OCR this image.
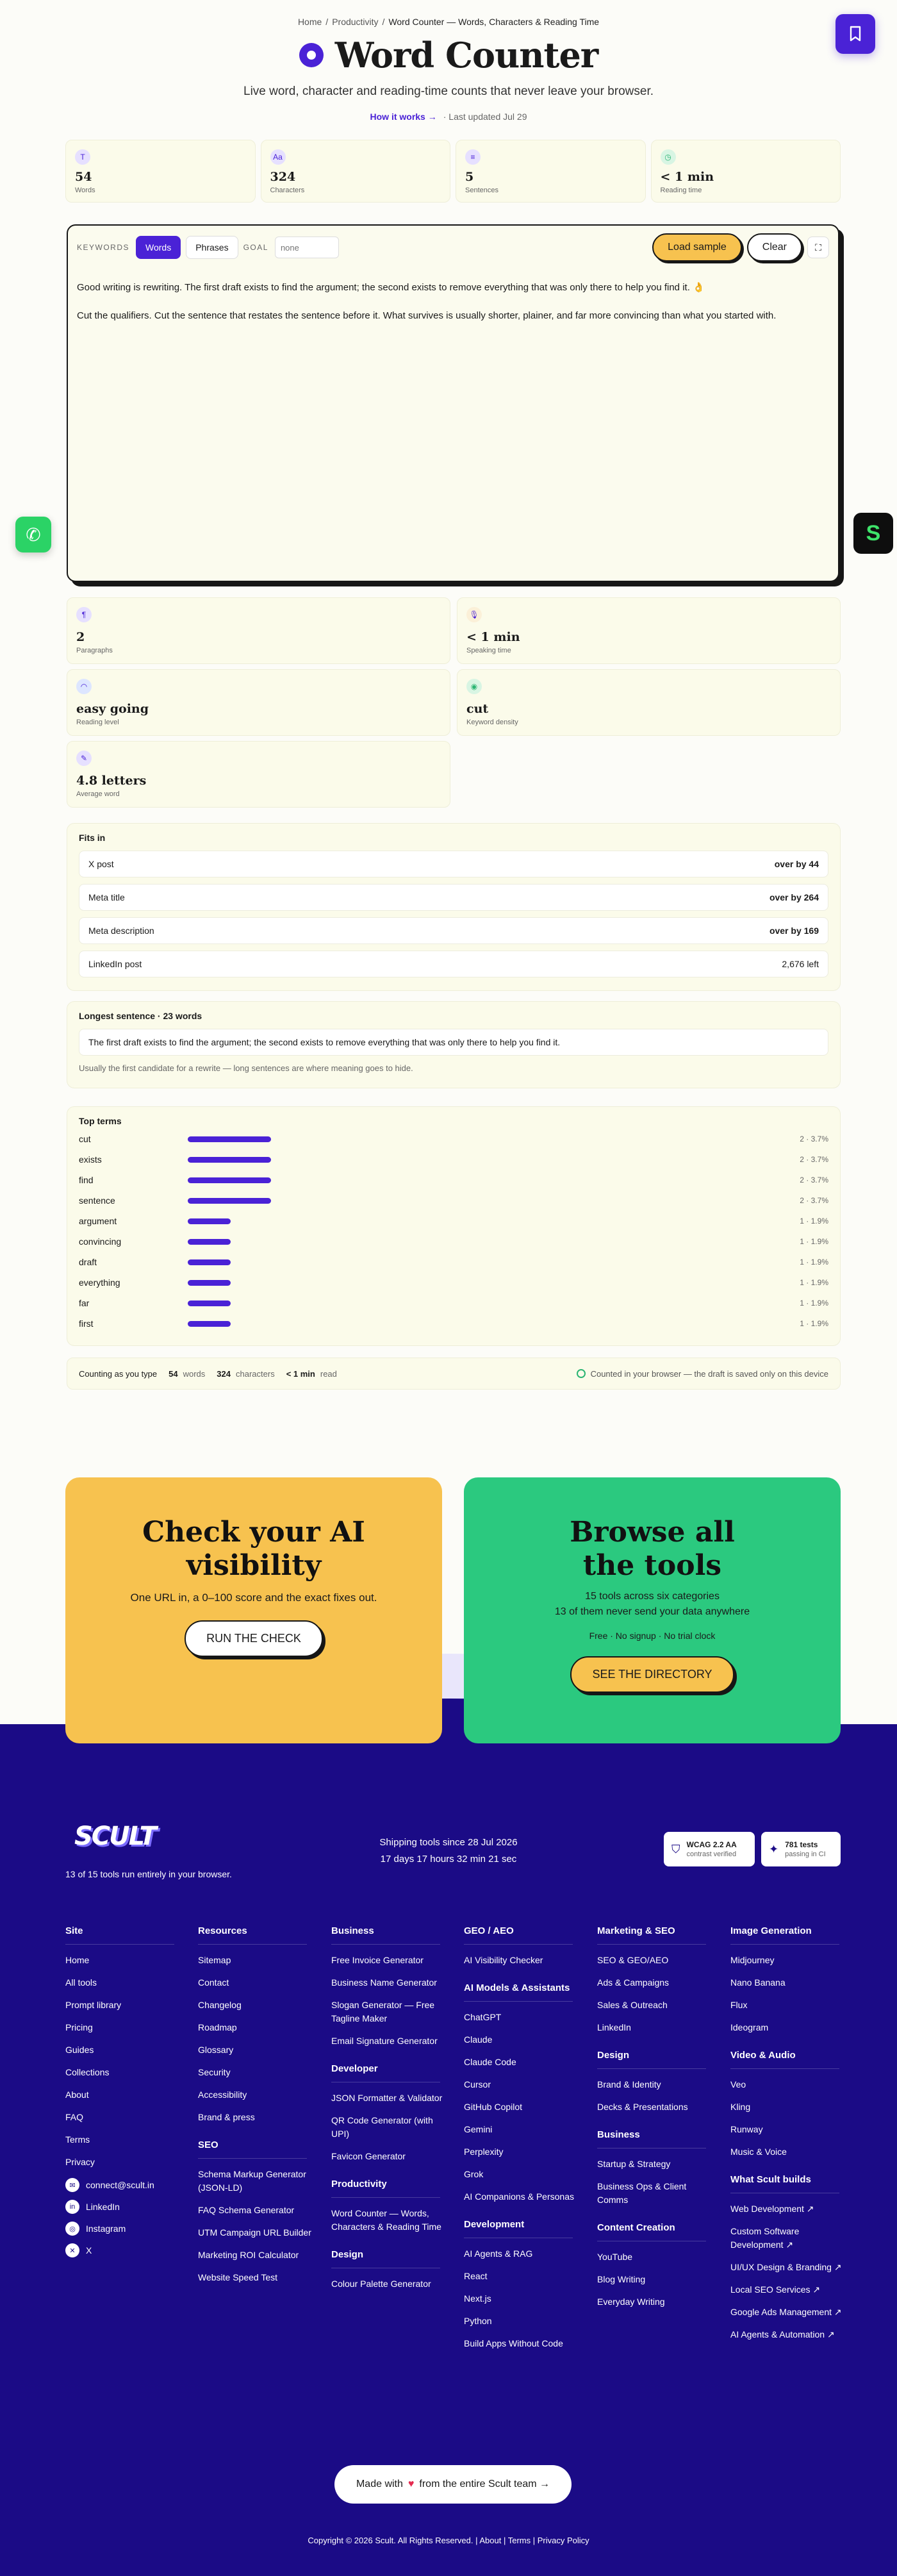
Home / Productivity / Word Counter — Words, Characters & Reading Time
Word Counter
Live word, character and reading-time counts that never leave your browser.
How it works → · Last updated Jul 29
T
54
Words
Aa
324
Characters
≡
5
Sentences
◷
< 1 min
Reading time
KEYWORDS	Words	Phrases	GOAL
none	Load sample	Clear	⛶

Good writing is rewriting. The first draft exists to find the argument; the second exists to remove everything that was only there to help you find it. 👌

Cut the qualifiers. Cut the sentence that restates the sentence before it. What survives is usually shorter, plainer, and far more convincing than what you started with.

✆	S
¶
2
Paragraphs
🎙
< 1 min
Speaking time
◠
easy going
Reading level
◉
cut
Keyword density
✎
4.8 letters
Average word
Fits in
X post	over by 44
Meta title	over by 264
Meta description	over by 169
LinkedIn post	2,676 left
Longest sentence · 23 words
The first draft exists to find the argument; the second exists to remove everything that was only there to help you find it.
Usually the first candidate for a rewrite — long sentences are where meaning goes to hide.
Top terms
cut	2 · 3.7%
exists	2 · 3.7%
find	2 · 3.7%
sentence	2 · 3.7%
argument	1 · 1.9%
convincing	1 · 1.9%
draft	1 · 1.9%
everything	1 · 1.9%
far	1 · 1.9%
first	1 · 1.9%
Counting as you type 54 words 324 characters < 1 min read	Counted in your browser — the draft is saved only on this device
Check your AI visibility

One URL in, a 0–100 score and the exact fixes out.

RUN THE CHECK
Browse all the tools

15 tools across six categories
13 of them never send your data anywhere

Free · No signup · No trial clock

SEE THE DIRECTORY
SCULT
13 of 15 tools run entirely in your browser.
Shipping tools since 28 Jul 2026
17 days 17 hours 32 min 21 sec
⛉ WCAG 2.2 AA
contrast verified	✦ 781 tests
passing in CI
Site
Home
All tools
Prompt library
Pricing
Guides
Collections
About
FAQ
Terms
Privacy
✉	connect@scult.in
in	LinkedIn
◎	Instagram
✕	X
Resources
Sitemap
Contact
Changelog
Roadmap
Glossary
Security
Accessibility
Brand & press
SEO
Schema Markup Generator (JSON-LD)
FAQ Schema Generator
UTM Campaign URL Builder
Marketing ROI Calculator
Website Speed Test
Business
Free Invoice Generator
Business Name Generator
Slogan Generator — Free Tagline Maker
Email Signature Generator
Developer
JSON Formatter & Validator
QR Code Generator (with UPI)
Favicon Generator
Productivity
Word Counter — Words, Characters & Reading Time
Design
Colour Palette Generator
GEO / AEO
AI Visibility Checker
AI Models & Assistants
ChatGPT
Claude
Claude Code
Cursor
GitHub Copilot
Gemini
Perplexity
Grok
AI Companions & Personas
Development
AI Agents & RAG
React
Next.js
Python
Build Apps Without Code
Marketing & SEO
SEO & GEO/AEO
Ads & Campaigns
Sales & Outreach
LinkedIn
Design
Brand & Identity
Decks & Presentations
Business
Startup & Strategy
Business Ops & Client Comms
Content Creation
YouTube
Blog Writing
Everyday Writing
Image Generation
Midjourney
Nano Banana
Flux
Ideogram
Video & Audio
Veo
Kling
Runway
Music & Voice
What Scult builds
Web Development ↗
Custom Software Development ↗
UI/UX Design & Branding ↗
Local SEO Services ↗
Google Ads Management ↗
AI Agents & Automation ↗
Made with ♥ from the entire Scult team →
Copyright © 2026 Scult. All Rights Reserved. | About | Terms | Privacy Policy
